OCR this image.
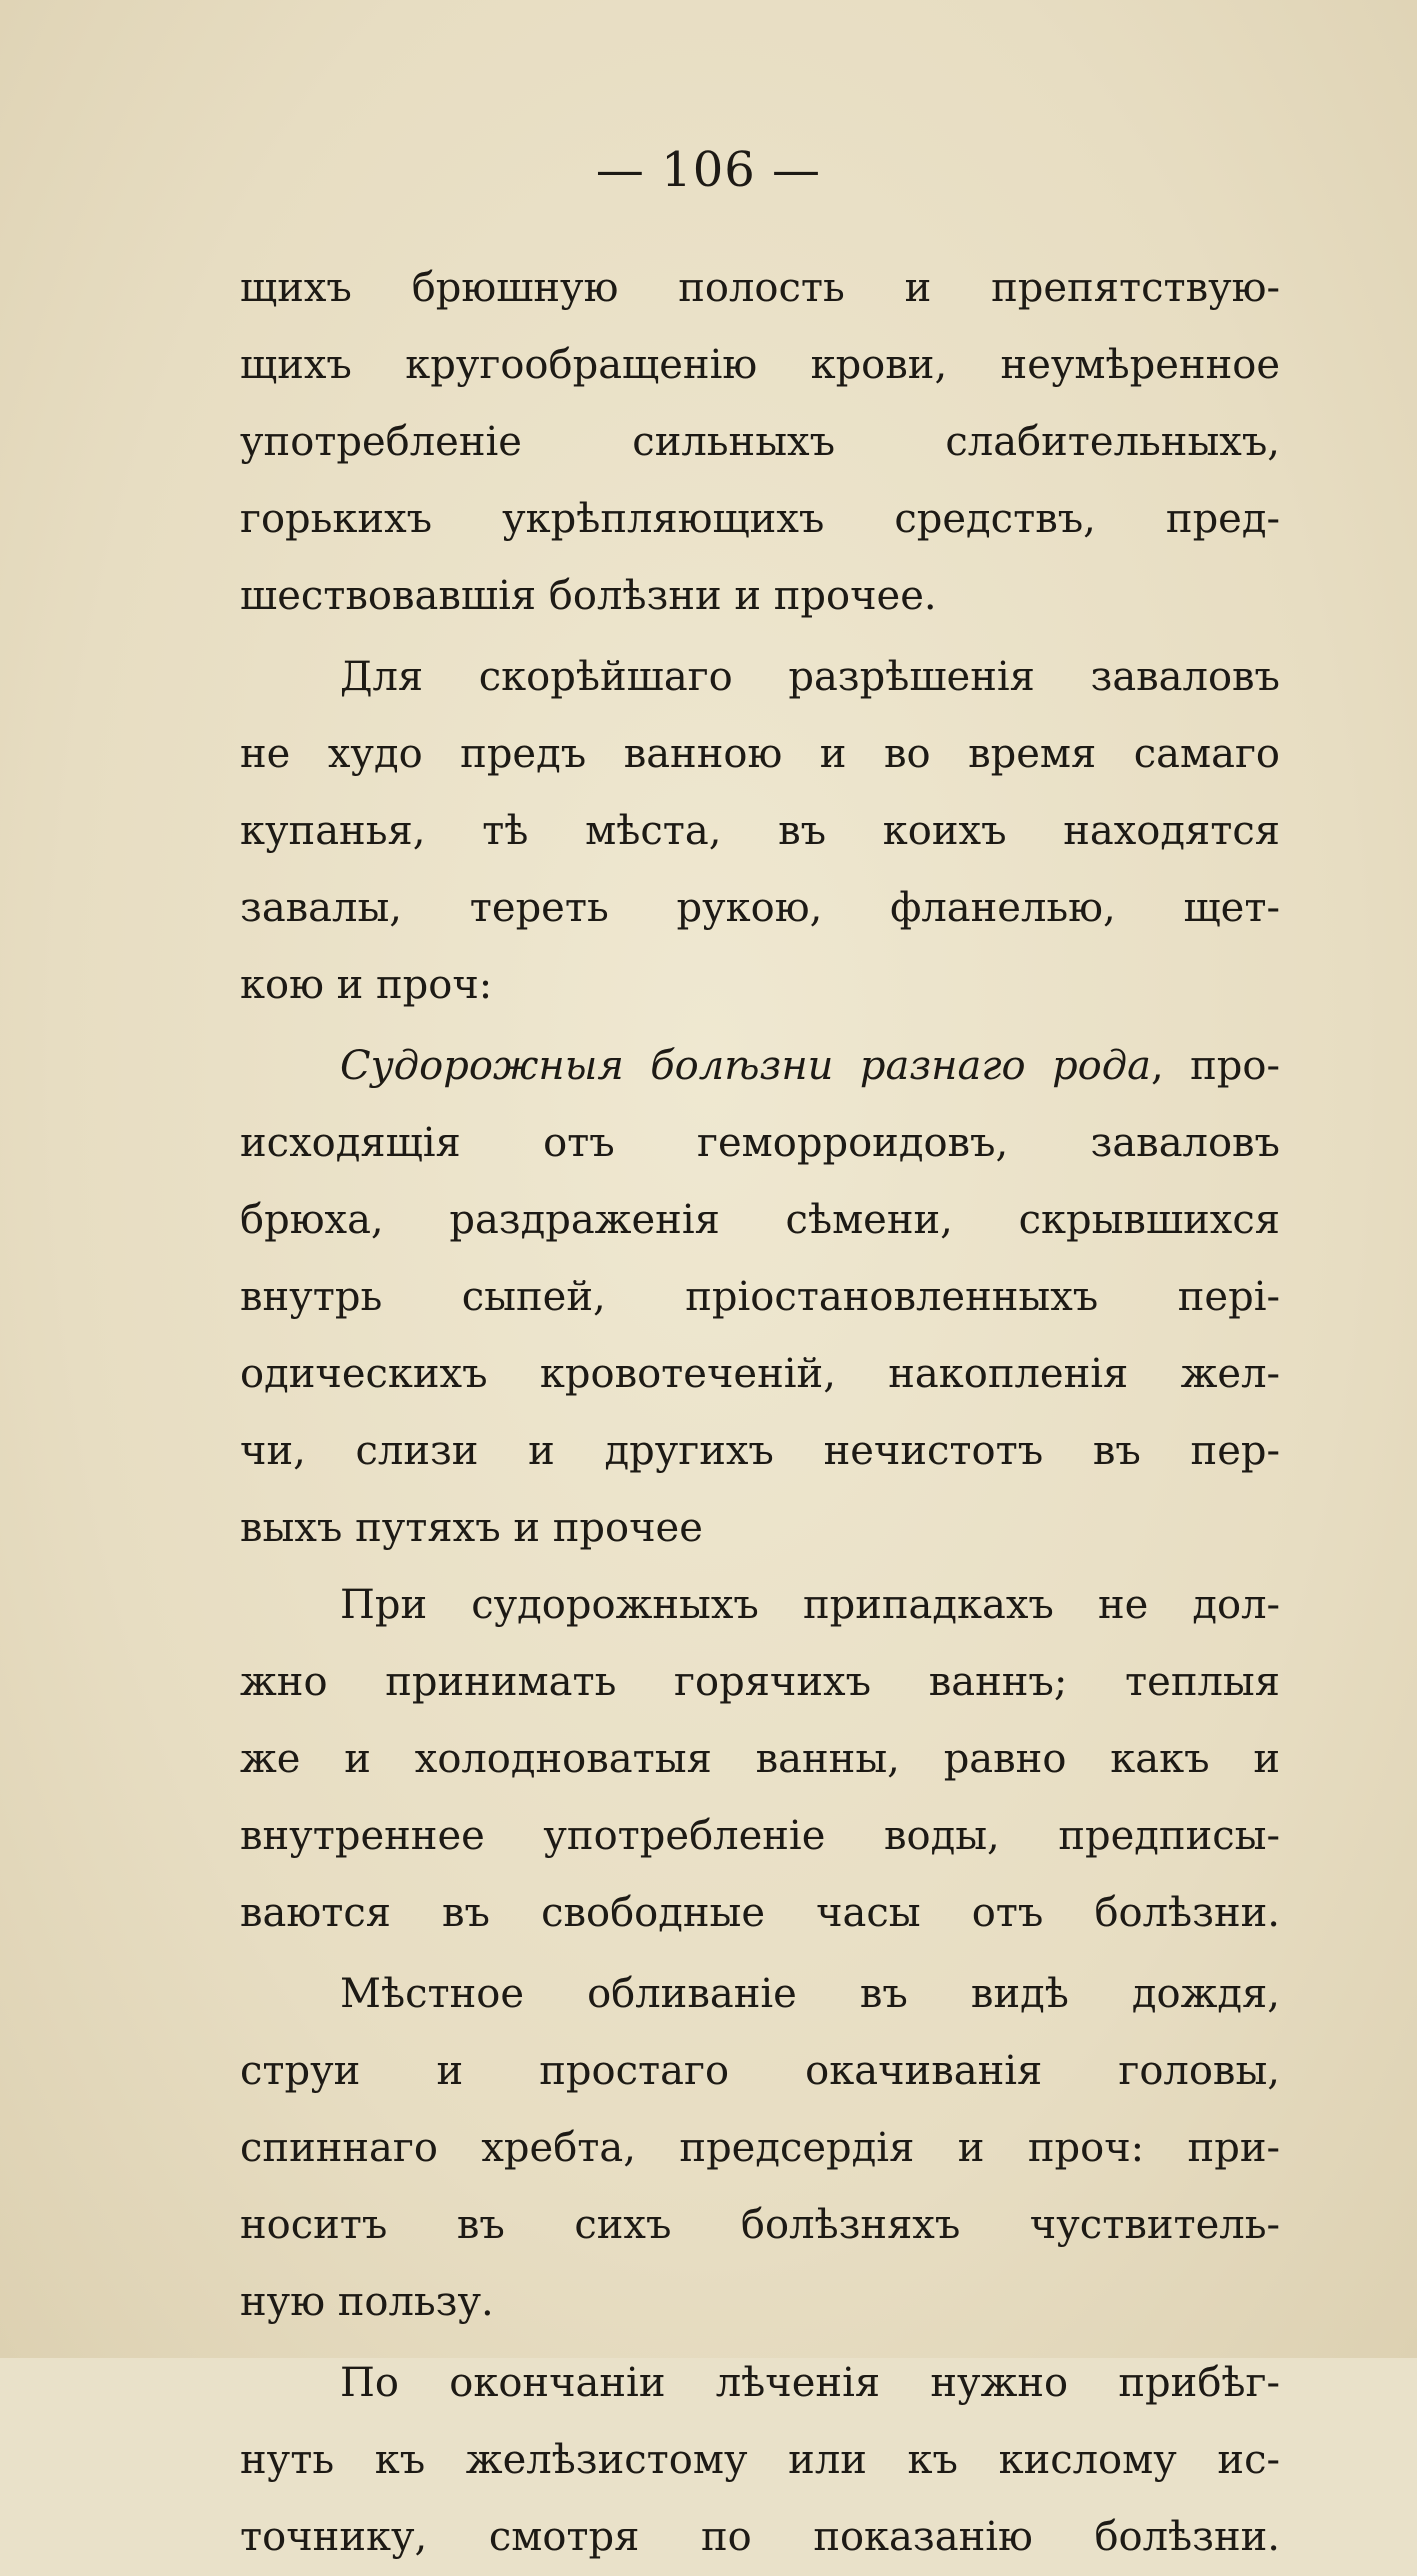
— 106 —
щихъ брюшную полость и препятствую-
щихъ кругообращенію крови, неумѣренное
употребленіе сильныхъ слабительныхъ,
горькихъ укрѣпляющихъ средствъ, пред-
шествовавшія болѣзни и прочее.
Для скорѣйшаго разрѣшенія заваловъ
не худо предъ ванною и во время самаго
купанья, тѣ мѣста, въ коихъ находятся
завалы, тереть рукою, фланелью, щет-
кою и проч:
Судорожныя болѣзни разнаго рода, про-
исходящія отъ геморроидовъ, заваловъ
брюха, раздраженія сѣмени, скрывшихся
внутрь сыпей, пріостановленныхъ пері-
одическихъ кровотеченій, накопленія жел-
чи, слизи и другихъ нечистотъ въ пер-
выхъ путяхъ и прочее
При судорожныхъ припадкахъ не дол-
жно принимать горячихъ ваннъ; теплыя
же и холодноватыя ванны, равно какъ и
внутреннее употребленіе воды, предписы-
ваются въ свободные часы отъ болѣзни.
Мѣстное обливаніе въ видѣ дождя,
струи и простаго окачиванія головы,
спиннаго хребта, предсердія и проч: при-
носитъ въ сихъ болѣзняхъ чуствитель-
ную пользу.
По окончаніи лѣченія нужно прибѣг-
нуть къ желѣзистому или къ кислому ис-
точнику, смотря по показанію болѣзни.
